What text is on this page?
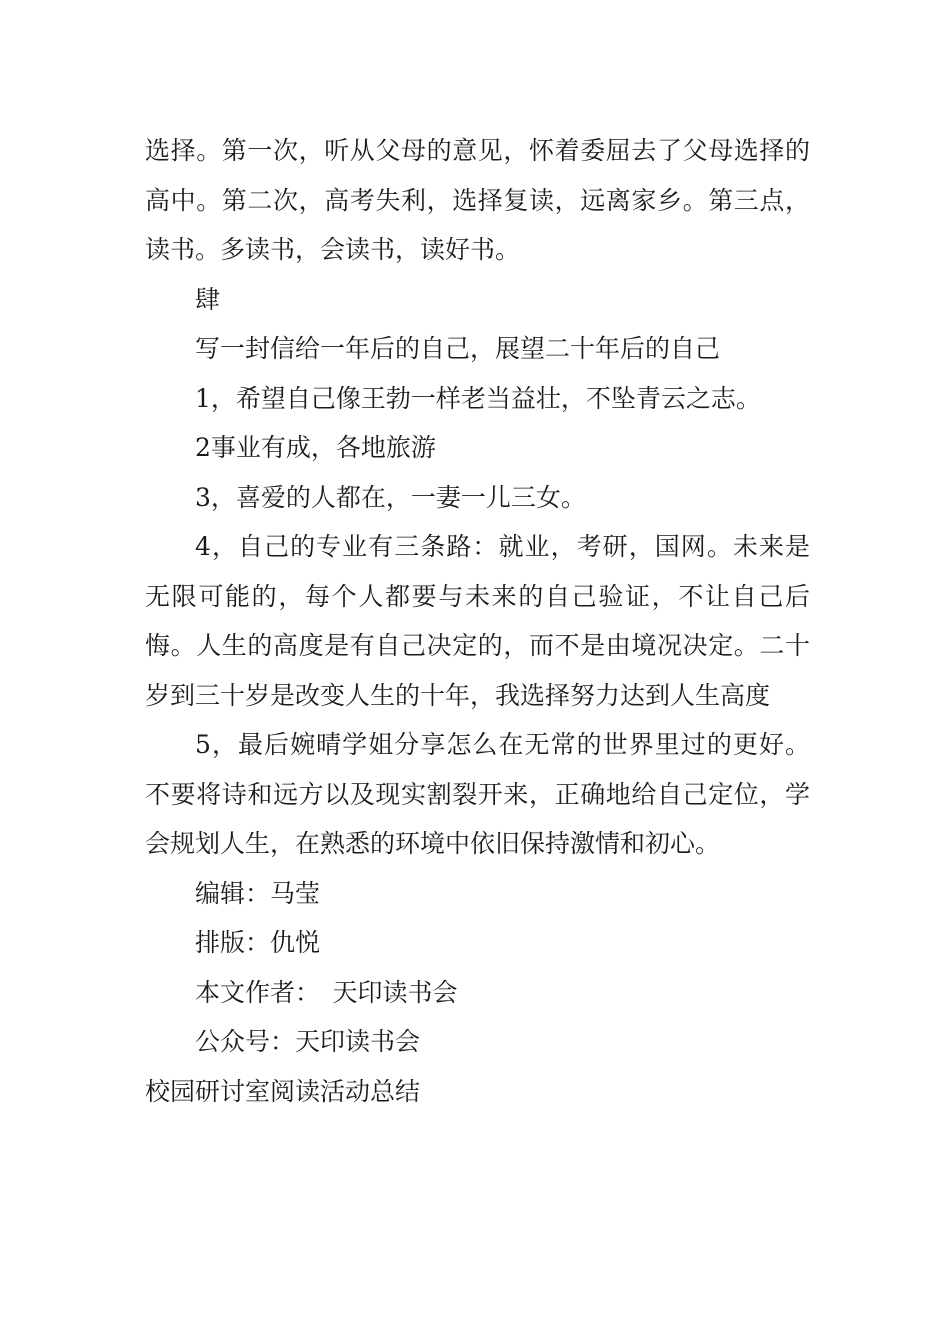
选择。第一次，听从父母的意见，怀着委屈去了父母选择的高中。第二次，高考失利，选择复读，远离家乡。第三点，读书。多读书，会读书，读好书。

肆

写一封信给一年后的自己，展望二十年后的自己

1，希望自己像王勃一样老当益壮，不坠青云之志。

2事业有成，各地旅游

3，喜爱的人都在，一妻一儿三女。

4，自己的专业有三条路：就业，考研，国网。未来是无限可能的，每个人都要与未来的自己验证，不让自己后悔。人生的高度是有自己决定的，而不是由境况决定。二十岁到三十岁是改变人生的十年，我选择努力达到人生高度

5，最后婉晴学姐分享怎么在无常的世界里过的更好。不要将诗和远方以及现实割裂开来，正确地给自己定位，学会规划人生，在熟悉的环境中依旧保持激情和初心。

编辑：马莹

排版：仇悦

本文作者：　天印读书会

公众号：天印读书会

校园研讨室阅读活动总结
